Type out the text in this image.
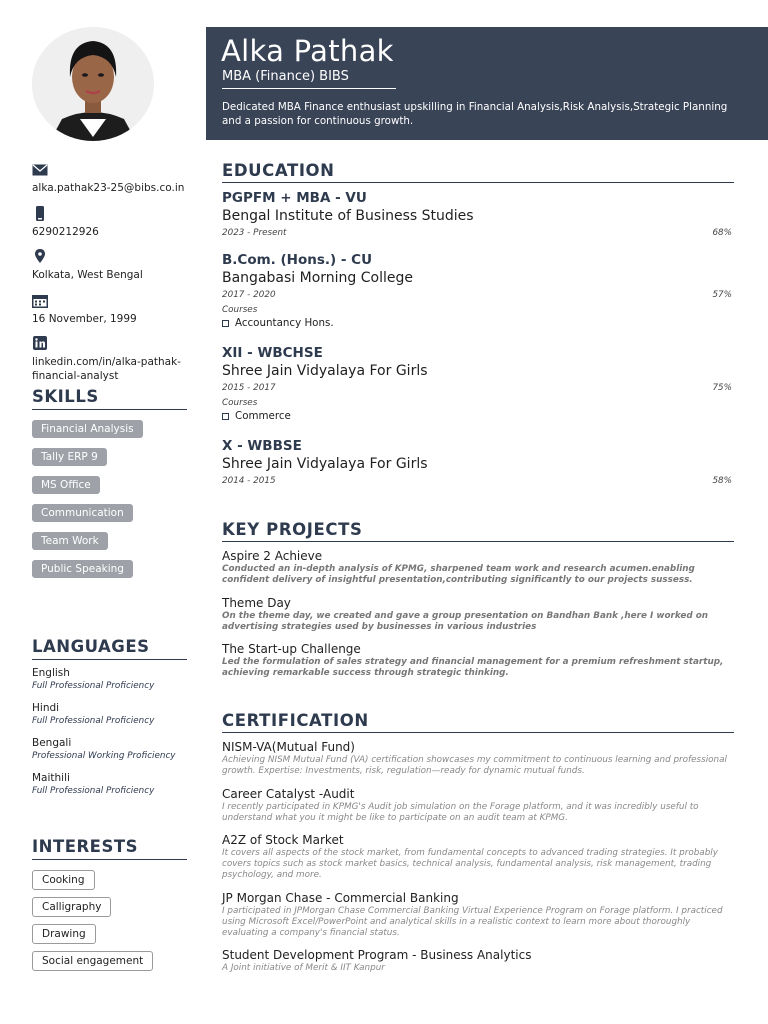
alka.pathak23-25@bibs.co.in
6290212926
Kolkata, West Bengal
16 November, 1999
linkedin.com/in/alka-pathak-financial-analyst
SKILLS
Financial Analysis
Tally ERP 9
MS Office
Communication
Team Work
Public Speaking
LANGUAGES
English
Full Professional Proficiency
Hindi
Full Professional Proficiency
Bengali
Professional Working Proficiency
Maithili
Full Professional Proficiency
INTERESTS
Cooking
Calligraphy
Drawing
Social engagement
Alka Pathak
MBA (Finance) BIBS
Dedicated MBA Finance enthusiast upskilling in Financial Analysis,Risk Analysis,Strategic Planning and a passion for continuous growth.
EDUCATION
PGPFM + MBA - VU
Bengal Institute of Business Studies
2023 - Present	68%
B.Com. (Hons.) - CU
Bangabasi Morning College
2017 - 2020	57%
Courses
Accountancy Hons.
XII - WBCHSE
Shree Jain Vidyalaya For Girls
2015 - 2017	75%
Courses
Commerce
X - WBBSE
Shree Jain Vidyalaya For Girls
2014 - 2015	58%
KEY PROJECTS
Aspire 2 Achieve
Conducted an in-depth analysis of KPMG, sharpened team work and research acumen.enabling confident delivery of insightful presentation,contributing significantly to our projects sussess.
Theme Day
On the theme day, we created and gave a group presentation on Bandhan Bank ,here I worked on advertising strategies used by businesses in various industries
The Start-up Challenge
Led the formulation of sales strategy and financial management for a premium refreshment startup, achieving remarkable success through strategic thinking.
CERTIFICATION
NISM-VA(Mutual Fund)
Achieving NISM Mutual Fund (VA) certification showcases my commitment to continuous learning and professional growth. Expertise: Investments, risk, regulation—ready for dynamic mutual funds.
Career Catalyst -Audit
I recently participated in KPMG's Audit job simulation on the Forage platform, and it was incredibly useful to understand what you it might be like to participate on an audit team at KPMG.
A2Z of Stock Market
It covers all aspects of the stock market, from fundamental concepts to advanced trading strategies. It probably covers topics such as stock market basics, technical analysis, fundamental analysis, risk management, trading psychology, and more.
JP Morgan Chase - Commercial Banking
I participated in JPMorgan Chase Commercial Banking Virtual Experience Program on Forage platform. I practiced using Microsoft Excel/PowerPoint and analytical skills in a realistic context to learn more about thoroughly evaluating a company's financial status.
Student Development Program - Business Analytics
A Joint initiative of Merit & IIT Kanpur
